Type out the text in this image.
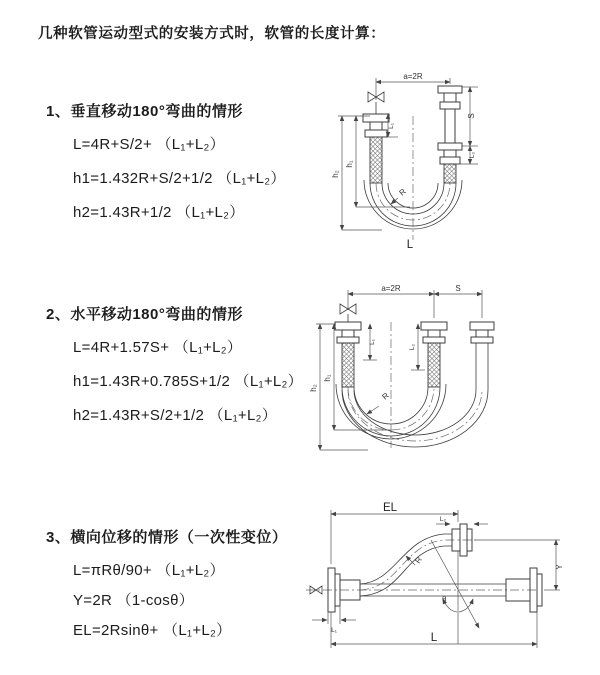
几种软管运动型式的安装方式时，软管的长度计算：
1、垂直移动180°弯曲的情形

L=4R+S/2+ （L₁+L₂）

h1=1.432R+S/2+1/2 （L₁+L₂）

h2=1.43R+1/2 （L₁+L₂）

2、水平移动180°弯曲的情形

L=4R+1.57S+ （L₁+L₂）

h1=1.43R+0.785S+1/2 （L₁+L₂）

h2=1.43R+S/2+1/2 （L₁+L₂）

3、横向位移的情形（一次性变位）

L=πRθ/90+ （L₁+L₂）

Y=2R （1-cosθ）

EL=2Rsinθ+ （L₁+L₂）

a=2R
R
L
h₁
h₂
L₁
S
L₂
a=2R	S
R
h₁
h₂
L₁
L₂
EL
L₂
Y
R
θ
L
L₁
